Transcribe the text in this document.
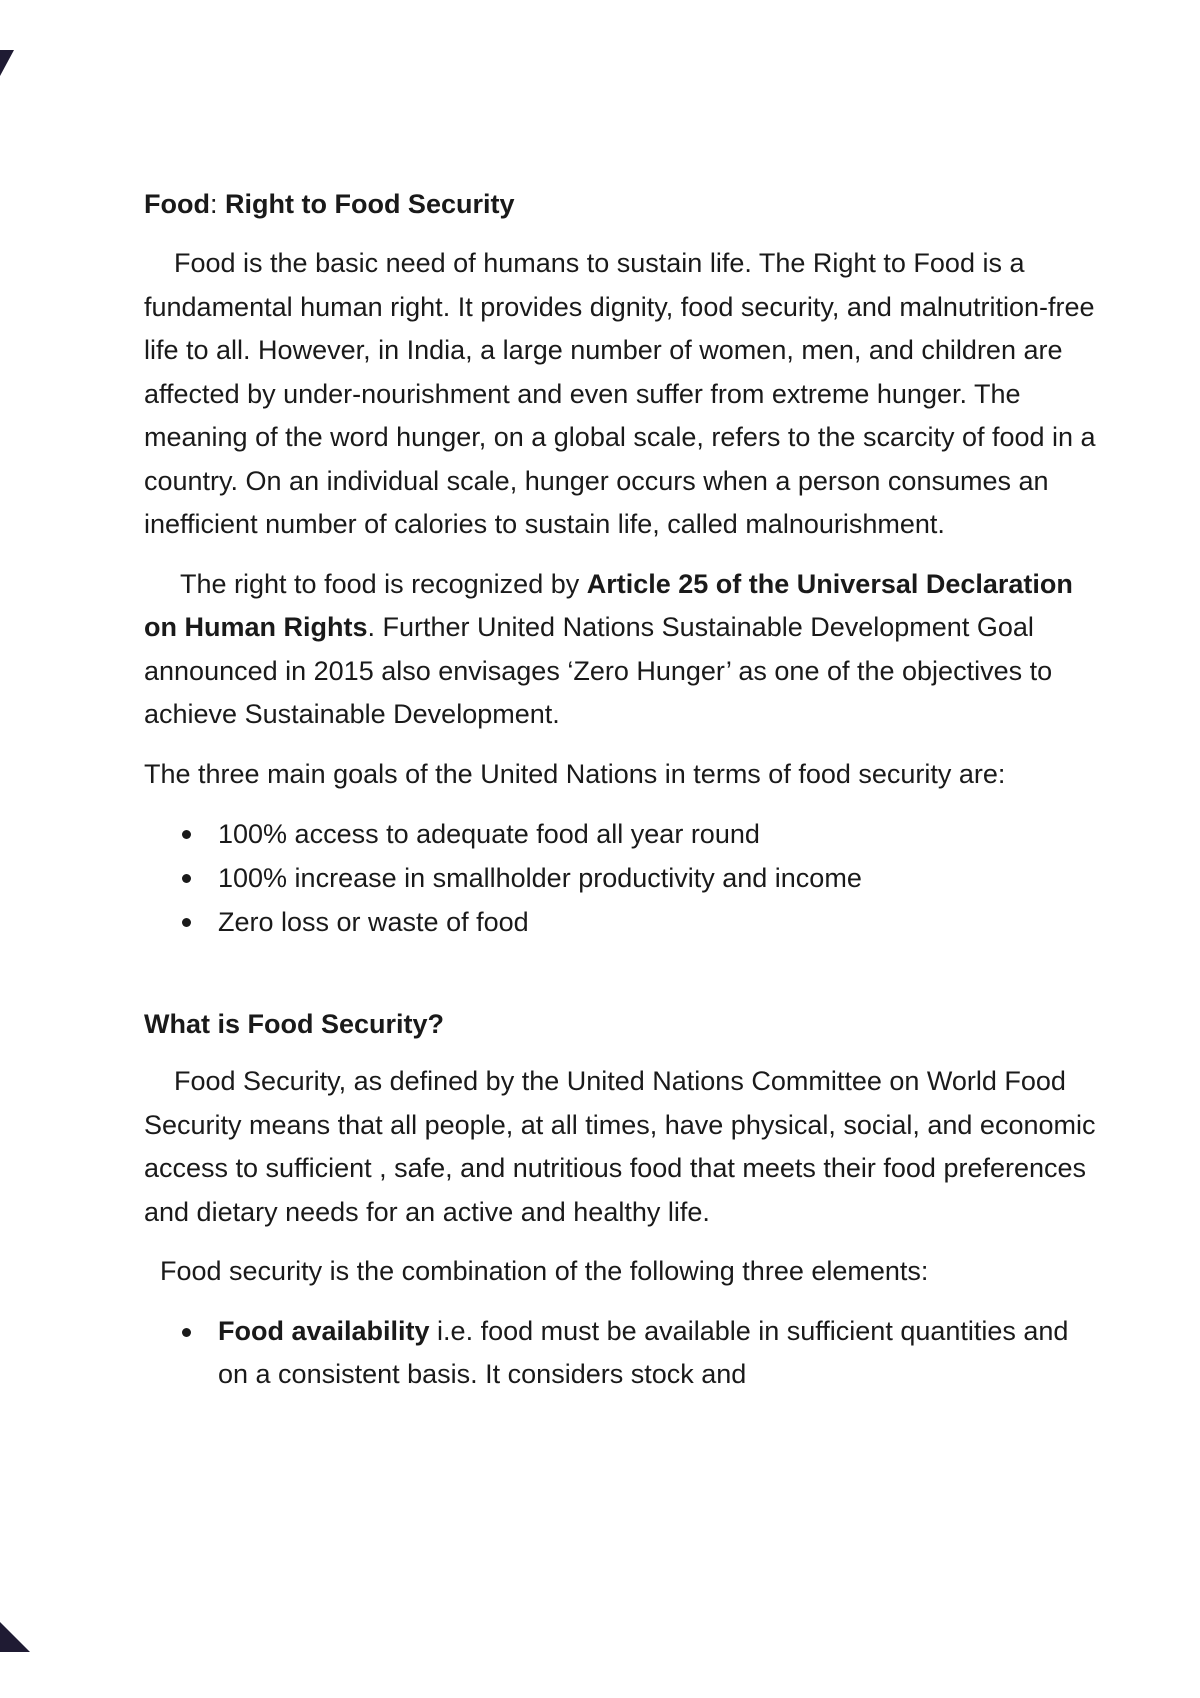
Food: Right to Food Security

Food is the basic need of humans to sustain life. The Right to Food is a fundamental human right. It provides dignity, food security, and malnutrition-free life to all. However, in India, a large number of women, men, and children are affected by under-nourishment and even suffer from extreme hunger. The meaning of the word hunger, on a global scale, refers to the scarcity of food in a country. On an individual scale, hunger occurs when a person consumes an inefficient number of calories to sustain life, called malnourishment.

The right to food is recognized by Article 25 of the Universal Declaration on Human Rights. Further United Nations Sustainable Development Goal announced in 2015 also envisages ‘Zero Hunger’ as one of the objectives to achieve Sustainable Development.

The three main goals of the United Nations in terms of food security are:

100% access to adequate food all year round
100% increase in smallholder productivity and income
Zero loss or waste of food
What is Food Security?

Food Security, as defined by the United Nations Committee on World Food Security means that all people, at all times, have physical, social, and economic access to sufficient , safe, and nutritious food that meets their food preferences and dietary needs for an active and healthy life.

Food security is the combination of the following three elements:

Food availability i.e. food must be available in sufficient quantities and on a consistent basis. It considers stock and
